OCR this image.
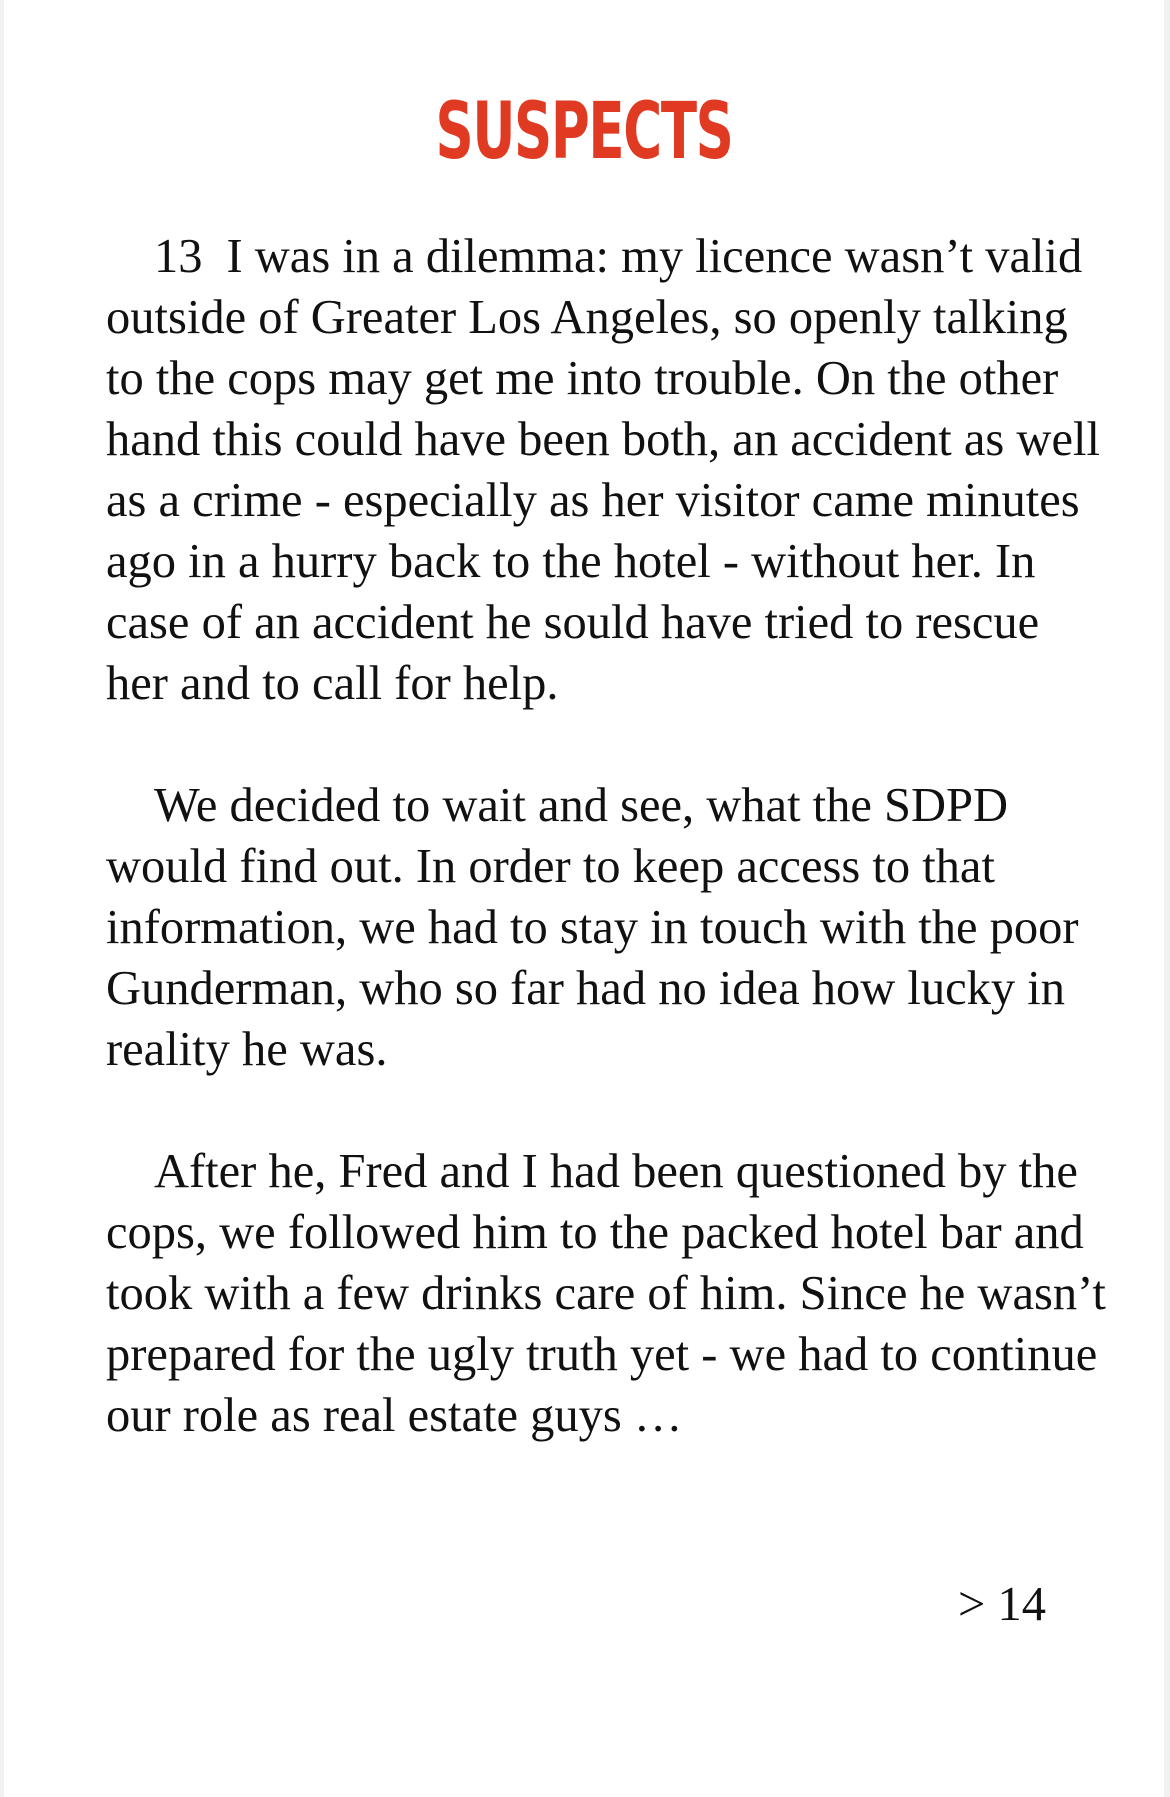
SUSPECTS

13 I was in a dilemma: my licence wasn’t valid outside of Greater Los Angeles, so openly talking to the cops may get me into trouble. On the other hand this could have been both, an accident as well as a crime - especially as her visitor came minutes ago in a hurry back to the hotel - without her. In case of an accident he sould have tried to rescue her and to call for help.

We decided to wait and see, what the SDPD would find out. In order to keep access to that information, we had to stay in touch with the poor Gunderman, who so far had no idea how lucky in reality he was.

After he, Fred and I had been questioned by the cops, we followed him to the packed hotel bar and took with a few drinks care of him. Since he wasn’t prepared for the ugly truth yet - we had to continue our role as real estate guys …

> 14
